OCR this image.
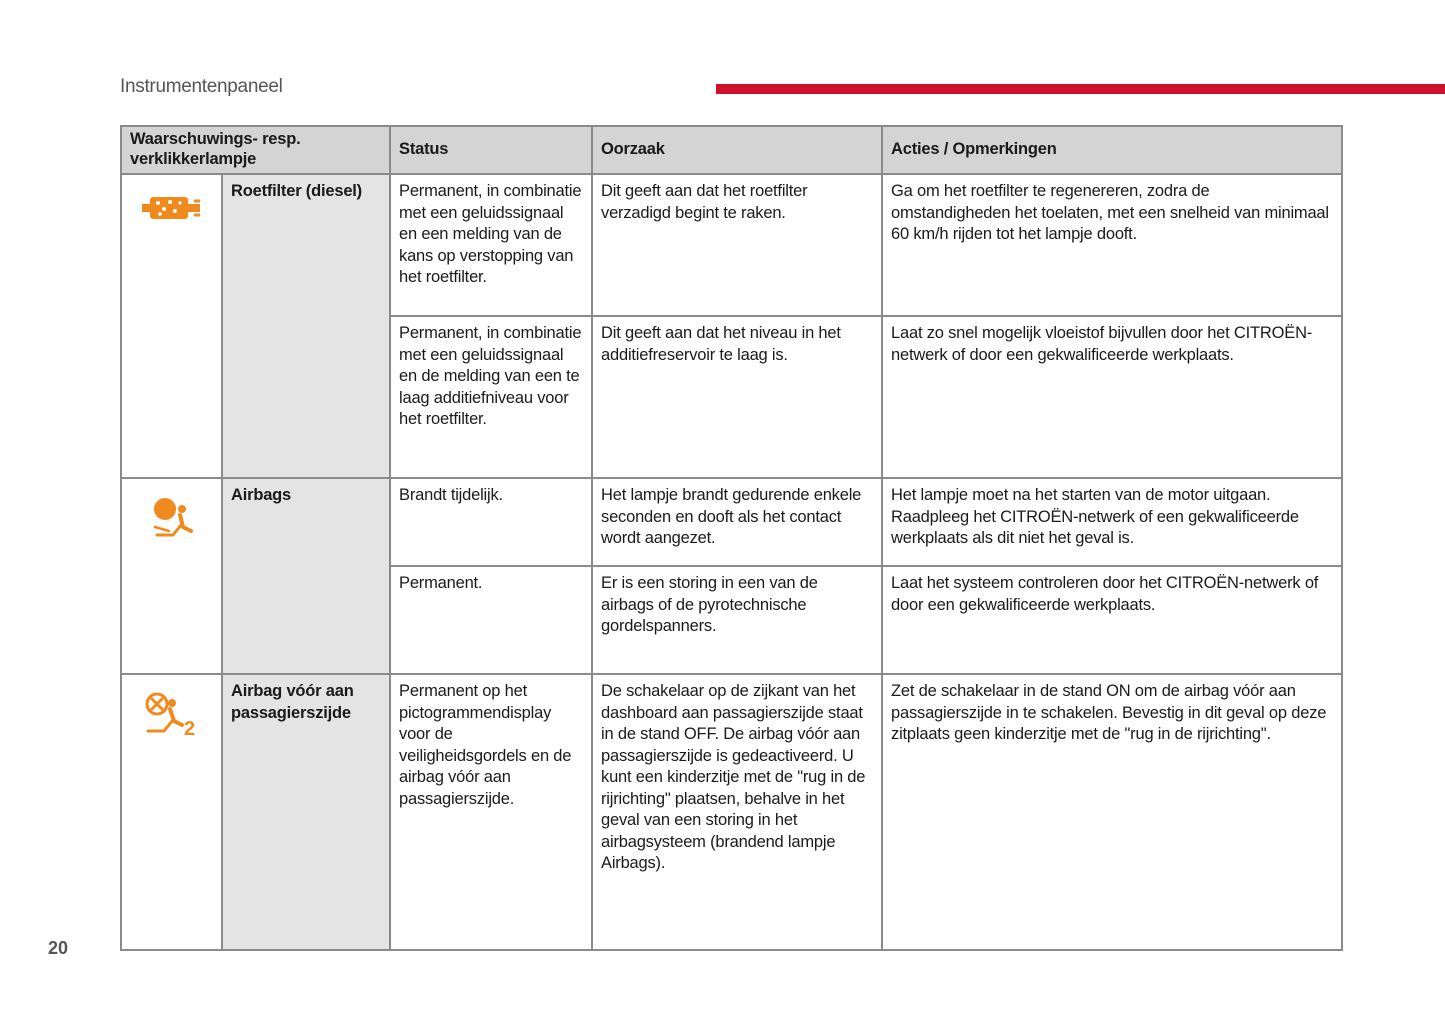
Instrumentenpaneel
Waarschuwings- resp. verklikkerlampje		Status	Oorzaak	Acties / Opmerkingen

	Roetfilter (diesel)	Permanent, in combinatie met een geluidssignaal en een melding van de kans op verstopping van het roetfilter.	Dit geeft aan dat het roetfilter verzadigd begint te raken.	Ga om het roetfilter te regenereren, zodra de omstandigheden het toelaten, met een snelheid van minimaal 60 km/h rijden tot het lampje dooft.
		Permanent, in combinatie met een geluidssignaal en de melding van een te laag additiefniveau voor het roetfilter.	Dit geeft aan dat het niveau in het additiefreservoir te laag is.	Laat zo snel mogelijk vloeistof bijvullen door het CITROËN-netwerk of door een gekwalificeerde werkplaats.

	Airbags	Brandt tijdelijk.	Het lampje brandt gedurende enkele seconden en dooft als het contact wordt aangezet.	Het lampje moet na het starten van de motor uitgaan. Raadpleeg het CITROËN-netwerk of een gekwalificeerde werkplaats als dit niet het geval is.
		Permanent.	Er is een storing in een van de airbags of de pyrotechnische gordelspanners.	Laat het systeem controleren door het CITROËN-netwerk of door een gekwalificeerde werkplaats.

2	Airbag vóór aan passagierszijde	Permanent op het pictogrammendisplay voor de veiligheidsgordels en de airbag vóór aan passagierszijde.	De schakelaar op de zijkant van het dashboard aan passagierszijde staat in de stand OFF. De airbag vóór aan passagierszijde is gedeactiveerd. U kunt een kinderzitje met de "rug in de rijrichting" plaatsen, behalve in het geval van een storing in het airbagsysteem (brandend lampje Airbags).	Zet de schakelaar in de stand ON om de airbag vóór aan passagierszijde in te schakelen. Bevestig in dit geval op deze zitplaats geen kinderzitje met de "rug in de rijrichting".
20
